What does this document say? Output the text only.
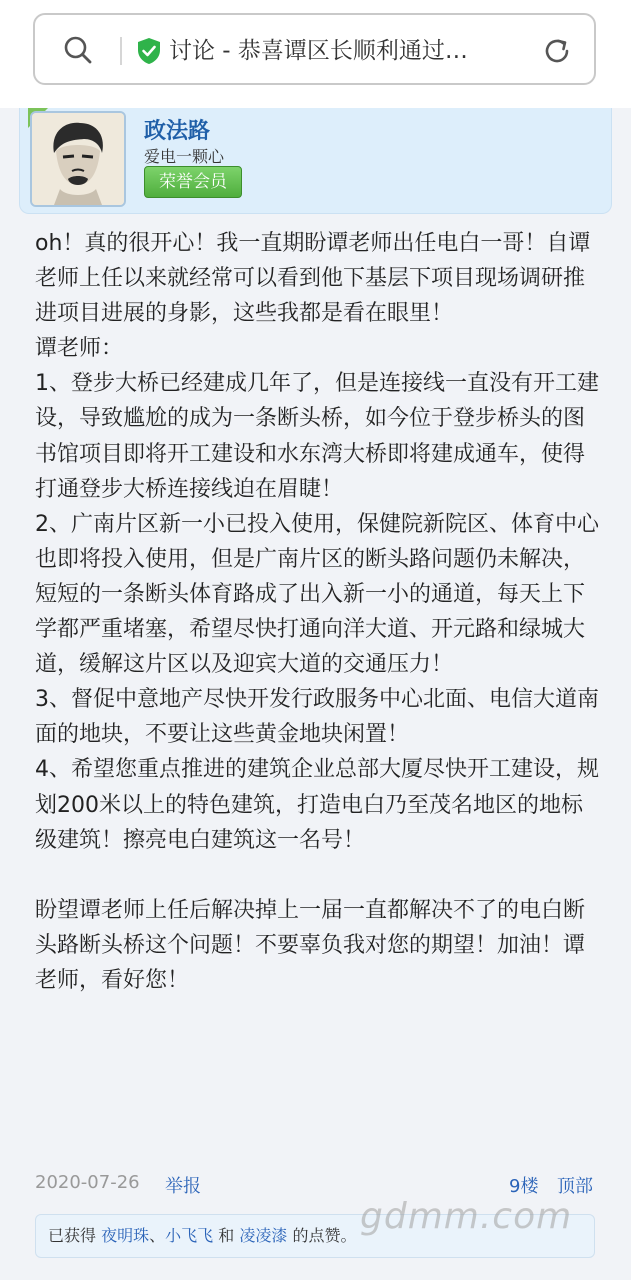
讨论 - 恭喜谭区长顺利通过…
政法路
爱电一颗心
荣誉会员

oh！真的很开心！我一直期盼谭老师出任电白一哥！自谭老师上任以来就经常可以看到他下基层下项目现场调研推进项目进展的身影，这些我都是看在眼里！

谭老师：

1、登步大桥已经建成几年了，但是连接线一直没有开工建设，导致尴尬的成为一条断头桥，如今位于登步桥头的图书馆项目即将开工建设和水东湾大桥即将建成通车，使得打通登步大桥连接线迫在眉睫！

2、广南片区新一小已投入使用，保健院新院区、体育中心也即将投入使用，但是广南片区的断头路问题仍未解决，短短的一条断头体育路成了出入新一小的通道，每天上下学都严重堵塞，希望尽快打通向洋大道、开元路和绿城大道，缓解这片区以及迎宾大道的交通压力！

3、督促中意地产尽快开发行政服务中心北面、电信大道南面的地块，不要让这些黄金地块闲置！

4、希望您重点推进的建筑企业总部大厦尽快开工建设，规划200米以上的特色建筑，打造电白乃至茂名地区的地标级建筑！擦亮电白建筑这一名号！

盼望谭老师上任后解决掉上一届一直都解决不了的电白断头路断头桥这个问题！不要辜负我对您的期望！加油！谭老师，看好您！

2020-07-26 举报	9楼 顶部
已获得 夜明珠、小飞飞 和 凌凌漆 的点赞。 gdmm.com
